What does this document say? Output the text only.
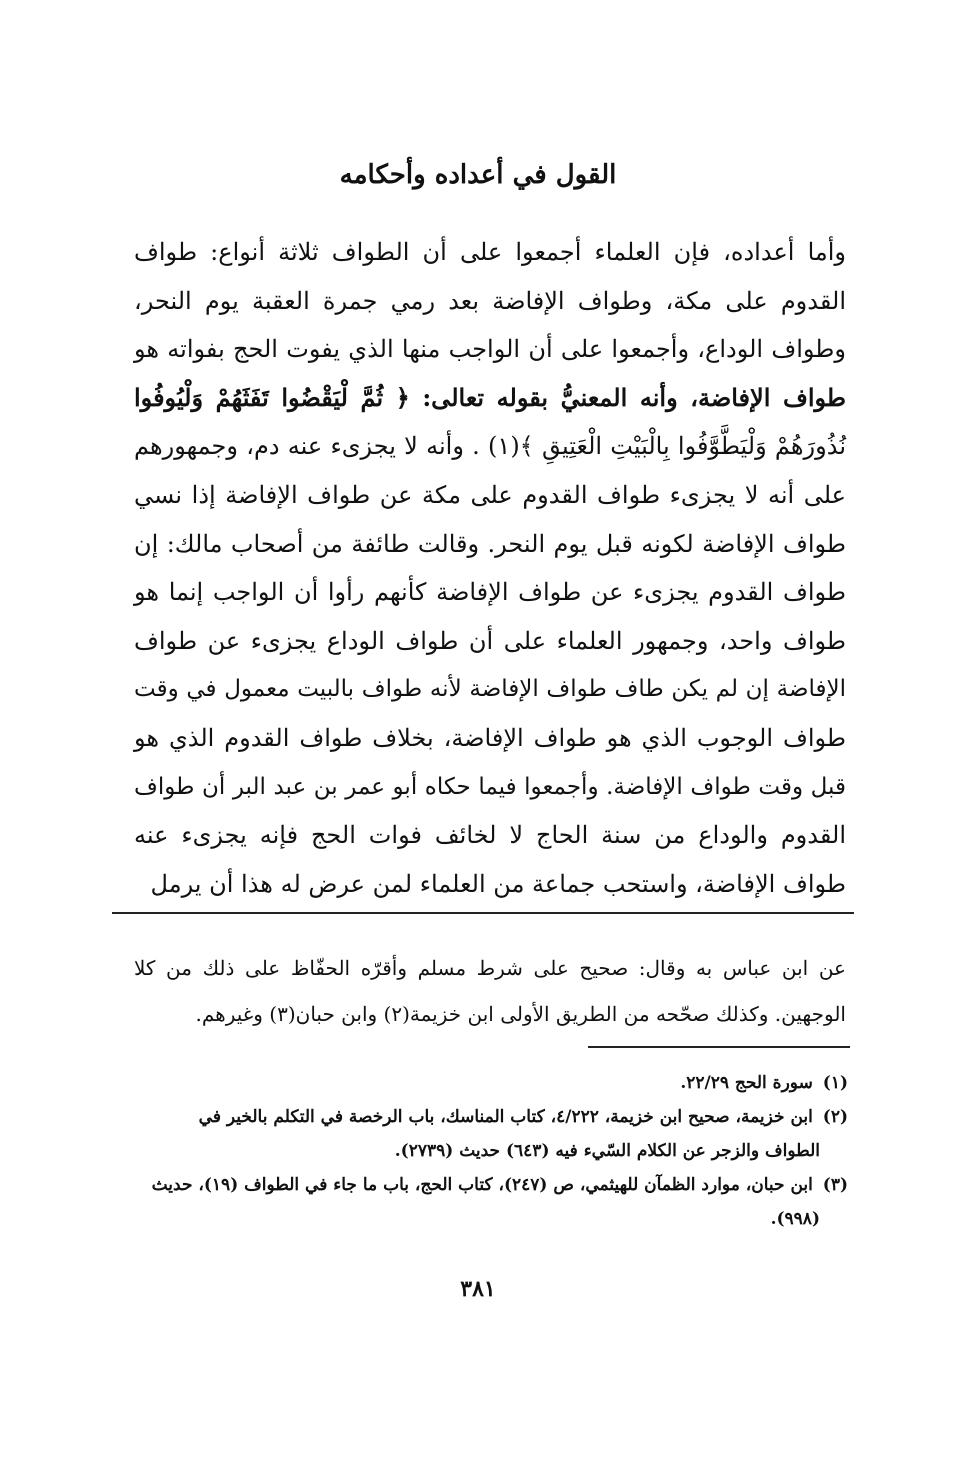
القول في أعداده وأحكامه
وأما أعداده، فإن العلماء أجمعوا على أن الطواف ثلاثة أنواع: طواف
القدوم على مكة، وطواف الإفاضة بعد رمي جمرة العقبة يوم النحر،
وطواف الوداع، وأجمعوا على أن الواجب منها الذي يفوت الحج بفواته هو
طواف الإفاضة، وأنه المعنيُّ بقوله تعالى: ﴿ ثُمَّ لْيَقْضُوا تَفَثَهُمْ وَلْيُوفُوا
نُذُورَهُمْ وَلْيَطَّوَّفُوا بِالْبَيْتِ الْعَتِيقِ ﴾(١) . وأنه لا يجزىء عنه دم، وجمهورهم
على أنه لا يجزىء طواف القدوم على مكة عن طواف الإفاضة إذا نسي
طواف الإفاضة لكونه قبل يوم النحر. وقالت طائفة من أصحاب مالك: إن
طواف القدوم يجزىء عن طواف الإفاضة كأنهم رأوا أن الواجب إنما هو
طواف واحد، وجمهور العلماء على أن طواف الوداع يجزىء عن طواف
الإفاضة إن لم يكن طاف طواف الإفاضة لأنه طواف بالبيت معمول في وقت
طواف الوجوب الذي هو طواف الإفاضة، بخلاف طواف القدوم الذي هو
قبل وقت طواف الإفاضة. وأجمعوا فيما حكاه أبو عمر بن عبد البر أن طواف
القدوم والوداع من سنة الحاج لا لخائف فوات الحج فإنه يجزىء عنه
طواف الإفاضة، واستحب جماعة من العلماء لمن عرض له هذا أن يرمل
عن ابن عباس به وقال: صحيح على شرط مسلم وأقرّه الحفّاظ على ذلك من كلا
الوجهين. وكذلك صحّحه من الطريق الأولى ابن خزيمة(٢) وابن حبان(٣) وغيرهم.
(١) سورة الحج ٢٢/٢٩.
(٢) ابن خزيمة، صحيح ابن خزيمة، ٤/٢٢٢، كتاب المناسك، باب الرخصة في التكلم بالخير في
الطواف والزجر عن الكلام السّيء فيه (٦٤٣) حديث (٢٧٣٩).
(٣) ابن حبان، موارد الظمآن للهيثمي، ص (٢٤٧)، كتاب الحج، باب ما جاء في الطواف (١٩)، حديث
(٩٩٨).
٣٨١
